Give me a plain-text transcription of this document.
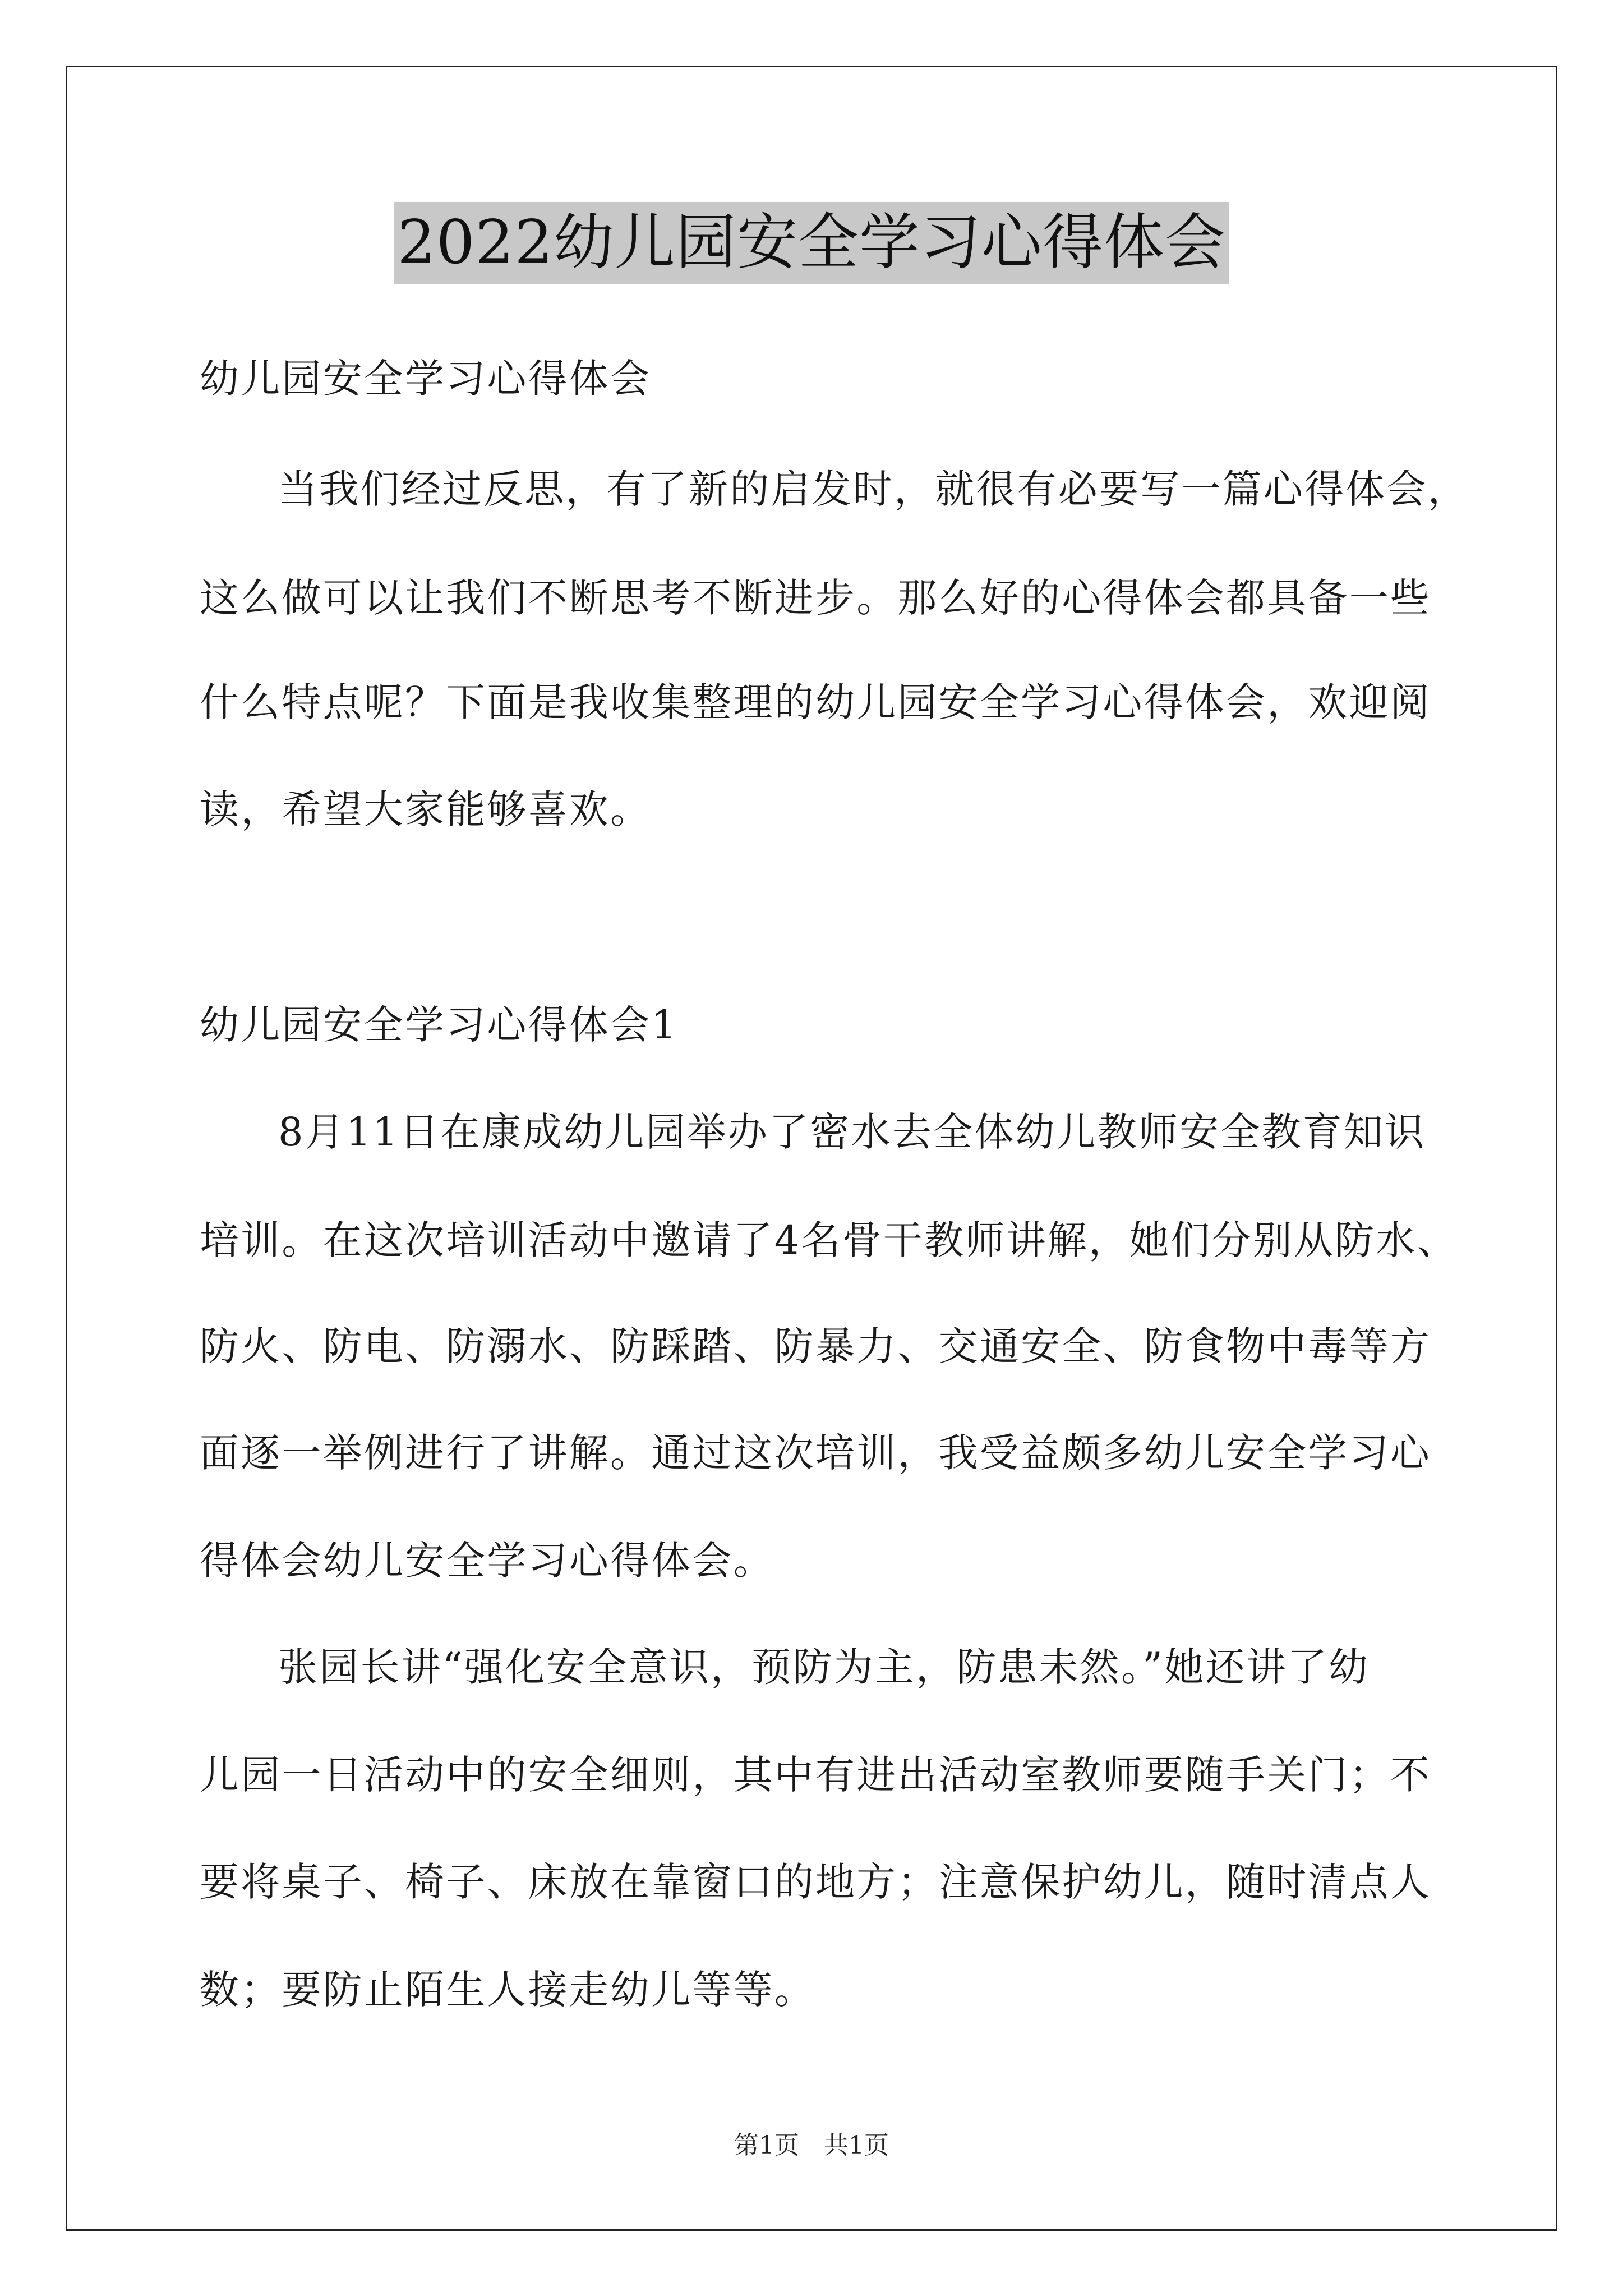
2022幼儿园安全学习心得体会
幼儿园安全学习心得体会
当我们经过反思，有了新的启发时，就很有必要写一篇心得体会，
这么做可以让我们不断思考不断进步。那么好的心得体会都具备一些
什么特点呢？下面是我收集整理的幼儿园安全学习心得体会，欢迎阅
读，希望大家能够喜欢。
幼儿园安全学习心得体会1
8月11日在康成幼儿园举办了密水去全体幼儿教师安全教育知识
培训。在这次培训活动中邀请了4名骨干教师讲解，她们分别从防水、
防火、防电、防溺水、防踩踏、防暴力、交通安全、防食物中毒等方
面逐一举例进行了讲解。通过这次培训，我受益颇多幼儿安全学习心
得体会幼儿安全学习心得体会。
张园长讲“强化安全意识，预防为主，防患未然。”她还讲了幼
儿园一日活动中的安全细则，其中有进出活动室教师要随手关门；不
要将桌子、椅子、床放在靠窗口的地方；注意保护幼儿，随时清点人
数；要防止陌生人接走幼儿等等。
第1页　共1页
